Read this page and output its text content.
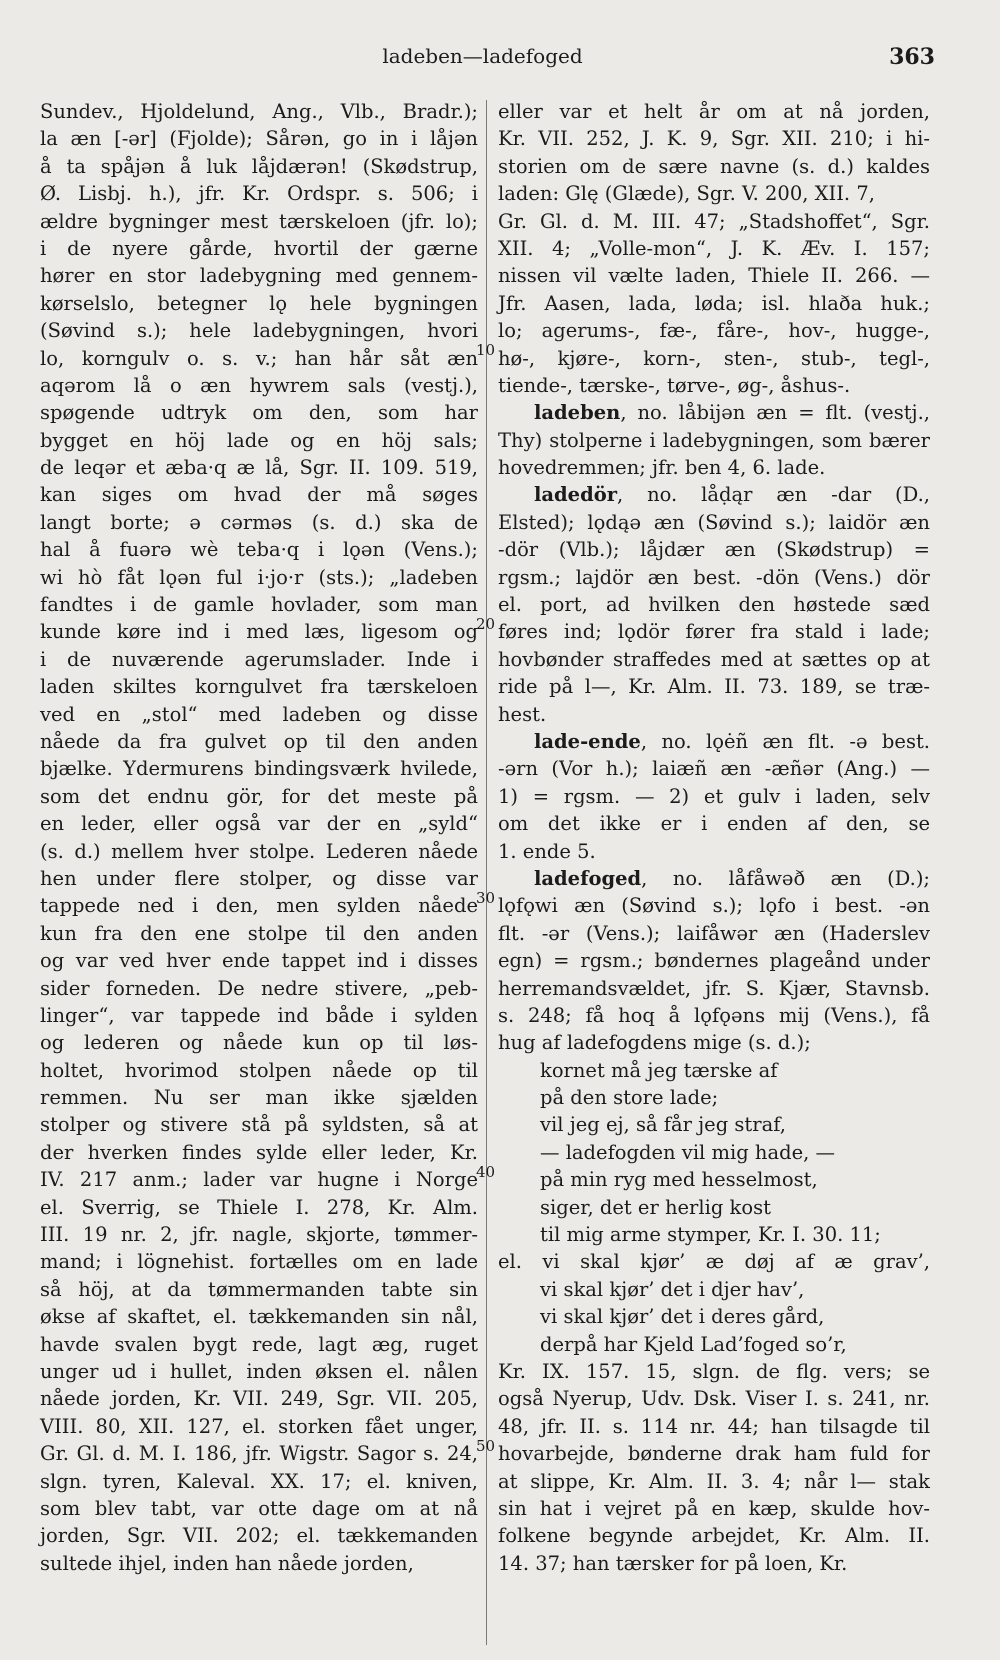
ladeben—ladefoged	363
Sundev., Hjoldelund, Ang., Vlb., Bradr.);
la æn [-ər] (Fjolde); Sårən, go in i låjən
å ta spåjən å luk låjdærən! (Skødstrup,
Ø. Lisbj. h.), jfr. Kr. Ordspr. s. 506; i
ældre bygninger mest tærskeloen (jfr. lo);
i de nyere gårde, hvortil der gærne
hører en stor ladebygning med gennem-
kørselslo, betegner lǫ hele bygningen
(Søvind s.); hele ladebygningen, hvori
lo, korngulv o. s. v.; han hår såt æn
aqərom lå o æn hywrem sals (vestj.),
spøgende udtryk om den, som har
bygget en höj lade og en höj sals;
de leqər et æba·q æ lå, Sgr. II. 109. 519,
kan siges om hvad der må søges
langt borte; ə cərməs (s. d.) ska de
hal å fuərə wè teba·q i lǫən (Vens.);
wi hò fåt lǫən ful i·jo·r (sts.); „ladeben
fandtes i de gamle hovlader, som man
kunde køre ind i med læs, ligesom og
i de nuværende agerumslader. Inde i
laden skiltes korngulvet fra tærskeloen
ved en „stol“ med ladeben og disse
nåede da fra gulvet op til den anden
bjælke. Ydermurens bindingsværk hvilede,
som det endnu gör, for det meste på
en leder, eller også var der en „syld“
(s. d.) mellem hver stolpe. Lederen nåede
hen under flere stolper, og disse var
tappede ned i den, men sylden nåede
kun fra den ene stolpe til den anden
og var ved hver ende tappet ind i disses
sider forneden. De nedre stivere, „peb-
linger“, var tappede ind både i sylden
og lederen og nåede kun op til løs-
holtet, hvorimod stolpen nåede op til
remmen. Nu ser man ikke sjælden
stolper og stivere stå på syldsten, så at
der hverken findes sylde eller leder, Kr.
IV. 217 anm.; lader var hugne i Norge
el. Sverrig, se Thiele I. 278, Kr. Alm.
III. 19 nr. 2, jfr. nagle, skjorte, tømmer-
mand; i lögnehist. fortælles om en lade
så höj, at da tømmermanden tabte sin
økse af skaftet, el. tækkemanden sin nål,
havde svalen bygt rede, lagt æg, ruget
unger ud i hullet, inden øksen el. nålen
nåede jorden, Kr. VII. 249, Sgr. VII. 205,
VIII. 80, XII. 127, el. storken fået unger,
Gr. Gl. d. M. I. 186, jfr. Wigstr. Sagor s. 24,
slgn. tyren, Kaleval. XX. 17; el. kniven,
som blev tabt, var otte dage om at nå
jorden, Sgr. VII. 202; el. tækkemanden
sultede ihjel, inden han nåede jorden,
eller var et helt år om at nå jorden,
Kr. VII. 252, J. K. 9, Sgr. XII. 210; i hi-
storien om de sære navne (s. d.) kaldes
laden: Glę (Glæde), Sgr. V. 200, XII. 7,
Gr. Gl. d. M. III. 47; „Stadshoffet“, Sgr.
XII. 4; „Volle-mon“, J. K. Æv. I. 157;
nissen vil vælte laden, Thiele II. 266. —
Jfr. Aasen, lada, løda; isl. hlaða huk.;
lo; agerums-, fæ-, fåre-, hov-, hugge-,
hø-, kjøre-, korn-, sten-, stub-, tegl-,
tiende-, tærske-, tørve-, øg-, åshus-.
ladeben, no. låbijən æn = flt. (vestj.,
Thy) stolperne i ladebygningen, som bærer
hovedremmen; jfr. ben 4, 6. lade.
ladedör, no. låḍąr æn -dar (D.,
Elsted); lǫdąə æn (Søvind s.); laidör æn
-dör (Vlb.); låjdær æn (Skødstrup) =
rgsm.; lajdör æn best. -dön (Vens.) dör
el. port, ad hvilken den høstede sæd
føres ind; lǫdör fører fra stald i lade;
hovbønder straffedes med at sættes op at
ride på l—, Kr. Alm. II. 73. 189, se træ-
hest.
lade-ende, no. lǫėñ æn flt. -ə best.
-ərn (Vor h.); laiæñ æn -æñər (Ang.) —
1) = rgsm. — 2) et gulv i laden, selv
om det ikke er i enden af den, se
1. ende 5.
ladefoged, no. låfåwəð æn (D.);
lǫfǫwi æn (Søvind s.); lǫfo i best. -ən
flt. -ər (Vens.); laifåwər æn (Haderslev
egn) = rgsm.; bøndernes plageånd under
herremandsvældet, jfr. S. Kjær, Stavnsb.
s. 248; få hoq å lǫfǫəns mij (Vens.), få
hug af ladefogdens mige (s. d.);
kornet må jeg tærske af
på den store lade;
vil jeg ej, så får jeg straf,
— ladefogden vil mig hade, —
på min ryg med hesselmost,
siger, det er herlig kost
til mig arme stymper, Kr. I. 30. 11;
el. vi skal kjør’ æ døj af æ grav’,
vi skal kjør’ det i djer hav’,
vi skal kjør’ det i deres gård,
derpå har Kjeld Lad’foged so’r,
Kr. IX. 157. 15, slgn. de flg. vers; se
også Nyerup, Udv. Dsk. Viser I. s. 241, nr.
48, jfr. II. s. 114 nr. 44; han tilsagde til
hovarbejde, bønderne drak ham fuld for
at slippe, Kr. Alm. II. 3. 4; når l— stak
sin hat i vejret på en kæp, skulde hov-
folkene begynde arbejdet, Kr. Alm. II.
14. 37; han tærsker for på loen, Kr.
10
20
30
40
50
